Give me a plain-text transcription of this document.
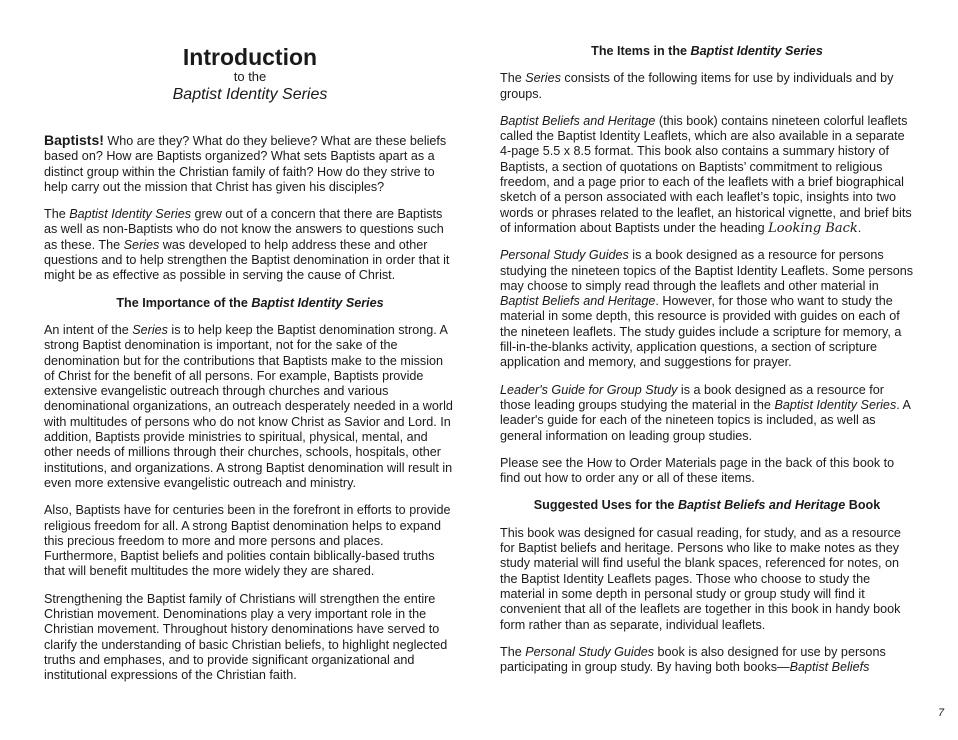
Introduction
to the
Baptist Identity Series

Baptists! Who are they? What do they believe? What are these beliefs based on? How are Baptists organized? What sets Baptists apart as a distinct group within the Christian family of faith? How do they strive to help carry out the mission that Christ has given his disciples?

The Baptist Identity Series grew out of a concern that there are Baptists as well as non-Baptists who do not know the answers to questions such as these. The Series was developed to help address these and other questions and to help strengthen the Baptist denomination in order that it might be as effective as possible in serving the cause of Christ.

The Importance of the Baptist Identity Series

An intent of the Series is to help keep the Baptist denomination strong. A strong Baptist denomination is important, not for the sake of the denomination but for the contributions that Baptists make to the mission of Christ for the benefit of all persons. For example, Baptists provide extensive evangelistic outreach through churches and various denominational organizations, an outreach desperately needed in a world with multitudes of persons who do not know Christ as Savior and Lord. In addition, Baptists provide ministries to spiritual, physical, mental, and other needs of millions through their churches, schools, hospitals, other institutions, and organizations. A strong Baptist denomination will result in even more extensive evangelistic outreach and ministry.

Also, Baptists have for centuries been in the forefront in efforts to provide religious freedom for all. A strong Baptist denomination helps to expand this precious freedom to more and more persons and places. Furthermore, Baptist beliefs and polities contain biblically-based truths that will benefit multitudes the more widely they are shared.

Strengthening the Baptist family of Christians will strengthen the entire Christian movement. Denominations play a very important role in the Christian movement. Throughout history denominations have served to clarify the understanding of basic Christian beliefs, to highlight neglected truths and emphases, and to provide significant organizational and institutional expressions of the Christian faith.

The Items in the Baptist Identity Series

The Series consists of the following items for use by individuals and by groups.

Baptist Beliefs and Heritage (this book) contains nineteen colorful leaflets called the Baptist Identity Leaflets, which are also available in a separate 4-page 5.5 x 8.5 format. This book also contains a summary history of Baptists, a section of quotations on Baptists’ commitment to religious freedom, and a page prior to each of the leaflets with a brief biographical sketch of a person associated with each leaflet’s topic, insights into two words or phrases related to the leaflet, an historical vignette, and brief bits of information about Baptists under the heading Looking Back.

Personal Study Guides is a book designed as a resource for persons studying the nineteen topics of the Baptist Identity Leaflets. Some persons may choose to simply read through the leaflets and other material in Baptist Beliefs and Heritage. However, for those who want to study the material in some depth, this resource is provided with guides on each of the nineteen leaflets. The study guides include a scripture for memory, a fill-in-the-blanks activity, application questions, a section of scripture application and memory, and suggestions for prayer.

Leader's Guide for Group Study is a book designed as a resource for those leading groups studying the material in the Baptist Identity Series. A leader's guide for each of the nineteen topics is included, as well as general information on leading group studies.

Please see the How to Order Materials page in the back of this book to find out how to order any or all of these items.

Suggested Uses for the Baptist Beliefs and Heritage Book

This book was designed for casual reading, for study, and as a resource for Baptist beliefs and heritage. Persons who like to make notes as they study material will find useful the blank spaces, referenced for notes, on the Baptist Identity Leaflets pages. Those who choose to study the material in some depth in personal study or group study will find it convenient that all of the leaflets are together in this book in handy book form rather than as separate, individual leaflets.

The Personal Study Guides book is also designed for use by persons participating in group study. By having both books—Baptist Beliefs

7
